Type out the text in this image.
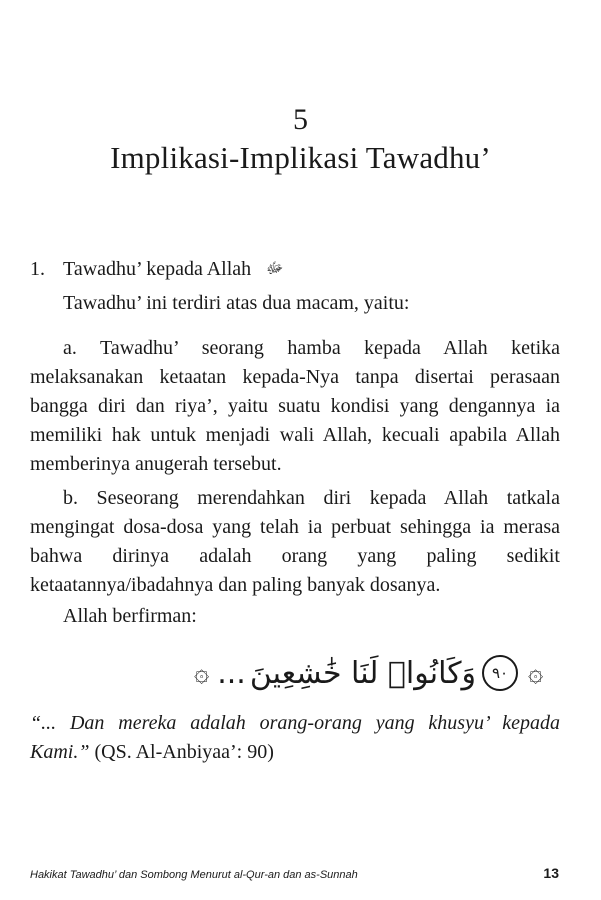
5
Implikasi-Implikasi Tawadhu’
1. Tawadhu’ kepada Allah ﷻ

Tawadhu’ ini terdiri atas dua macam, yaitu:

a. Tawadhu’ seorang hamba kepada Allah ketika melaksanakan ketaatan kepada-Nya tanpa disertai perasaan bangga diri dan riya’, yaitu suatu kondisi yang dengannya ia memiliki hak untuk menjadi wali Allah, kecuali apabila Allah memberinya anugerah tersebut.

b. Seseorang merendahkan diri kepada Allah tatkala mengingat dosa-dosa yang telah ia perbuat sehingga ia merasa bahwa dirinya adalah orang yang paling sedikit ketaatannya/ibadahnya dan paling banyak dosanya.

Allah berfirman:

۞
٩٠
وَكَانُوا۟ لَنَا خَٰشِعِينَ
...
۞

“... Dan mereka adalah orang-orang yang khusyu’ kepada Kami.” (QS. Al-Anbiyaa’: 90)

Hakikat Tawadhu’ dan Sombong Menurut al-Qur-an dan as-Sunnah	13
